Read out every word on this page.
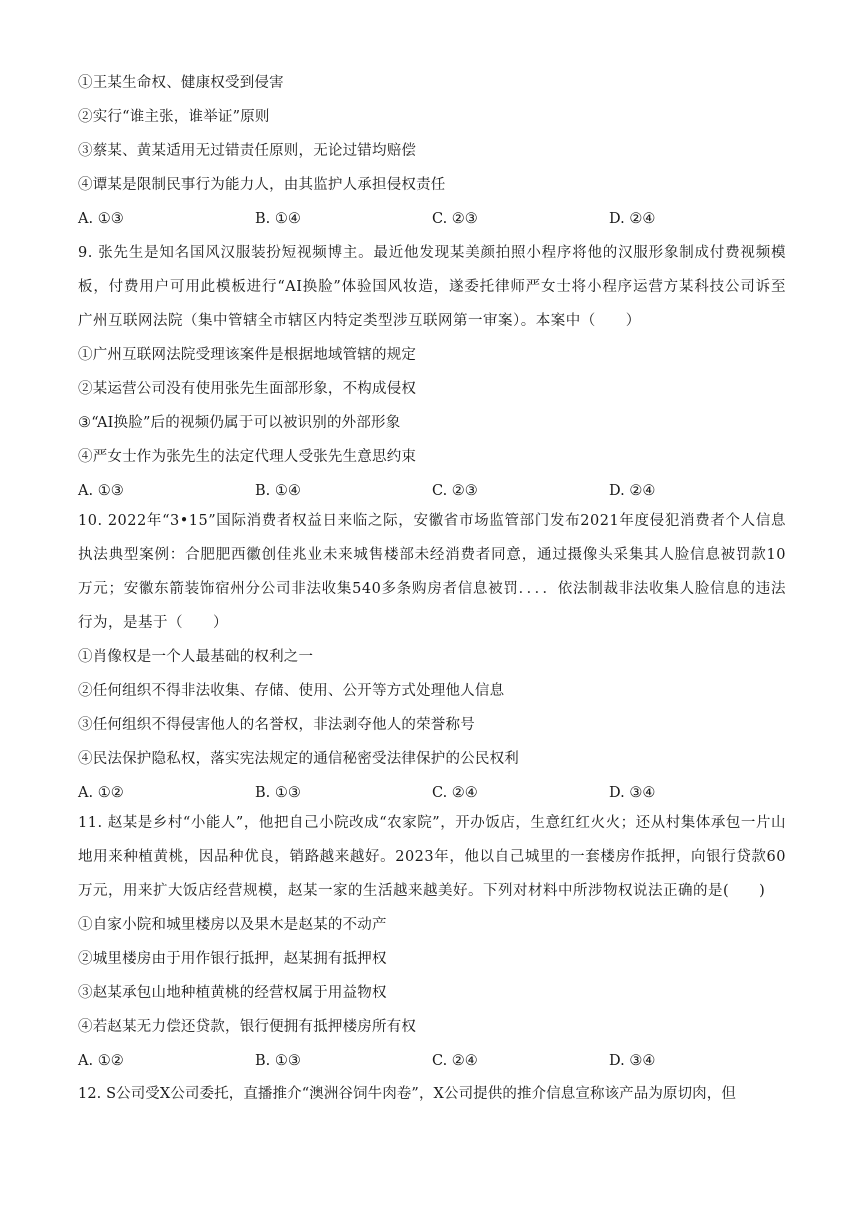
①王某生命权、健康权受到侵害
②实行“谁主张，谁举证”原则
③蔡某、黄某适用无过错责任原则，无论过错均赔偿
④谭某是限制民事行为能力人，由其监护人承担侵权责任
A. ①③	B. ①④	C. ②③	D. ②④
9. 张先生是知名国风汉服装扮短视频博主。最近他发现某美颜拍照小程序将他的汉服形象制成付费视频模板，付费用户可用此模板进行“AI换脸”体验国风妆造，遂委托律师严女士将小程序运营方某科技公司诉至广州互联网法院（集中管辖全市辖区内特定类型涉互联网第一审案）。本案中（　　）
①广州互联网法院受理该案件是根据地域管辖的规定
②某运营公司没有使用张先生面部形象，不构成侵权
③“AI换脸”后的视频仍属于可以被识别的外部形象
④严女士作为张先生的法定代理人受张先生意思约束
A. ①③	B. ①④	C. ②③	D. ②④
10. 2022年“3•15”国际消费者权益日来临之际，安徽省市场监管部门发布2021年度侵犯消费者个人信息执法典型案例：合肥肥西徽创佳兆业未来城售楼部未经消费者同意，通过摄像头采集其人脸信息被罚款10万元；安徽东箭装饰宿州分公司非法收集540多条购房者信息被罚．．．．依法制裁非法收集人脸信息的违法行为，是基于（　　）
①肖像权是一个人最基础的权利之一
②任何组织不得非法收集、存储、使用、公开等方式处理他人信息
③任何组织不得侵害他人的名誉权，非法剥夺他人的荣誉称号
④民法保护隐私权，落实宪法规定的通信秘密受法律保护的公民权利
A. ①②	B. ①③	C. ②④	D. ③④
11. 赵某是乡村“小能人”，他把自己小院改成“农家院”，开办饭店，生意红红火火；还从村集体承包一片山地用来种植黄桃，因品种优良，销路越来越好。2023年，他以自己城里的一套楼房作抵押，向银行贷款60万元，用来扩大饭店经营规模，赵某一家的生活越来越美好。下列对材料中所涉物权说法正确的是(　　)
①自家小院和城里楼房以及果木是赵某的不动产
②城里楼房由于用作银行抵押，赵某拥有抵押权
③赵某承包山地种植黄桃的经营权属于用益物权
④若赵某无力偿还贷款，银行便拥有抵押楼房所有权
A. ①②	B. ①③	C. ②④	D. ③④
12. S公司受X公司委托，直播推介“澳洲谷饲牛肉卷”，X公司提供的推介信息宣称该产品为原切肉，但
